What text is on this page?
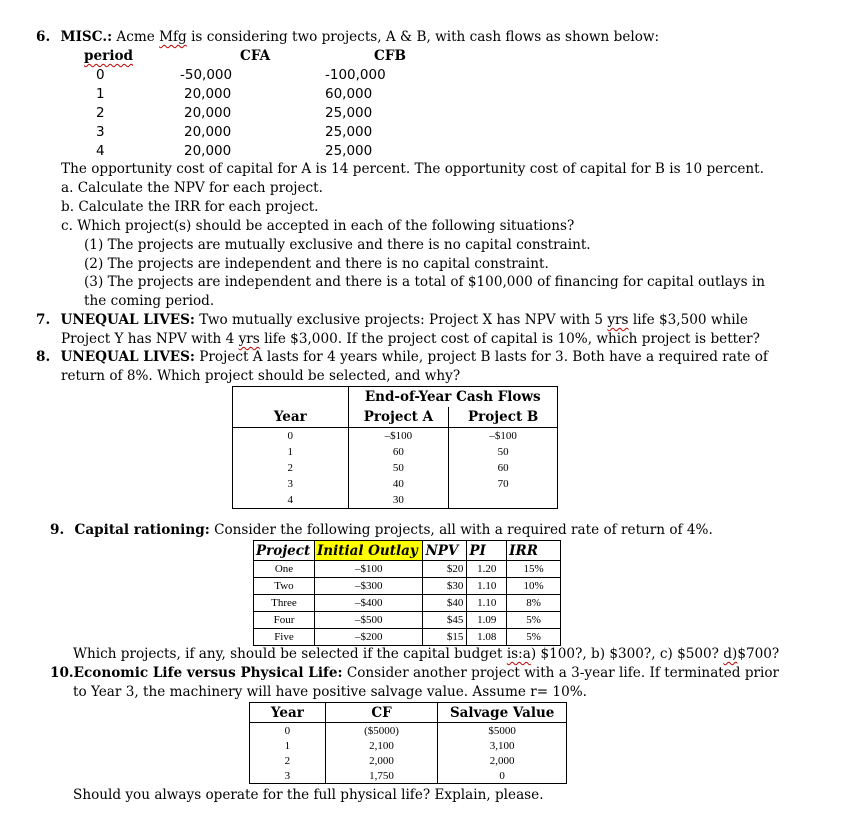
6. MISC.: Acme Mfg is considering two projects, A & B, with cash flows as shown below:
period	CFA	CFB
0	-50,000	-100,000
1	20,000	60,000
2	20,000	25,000
3	20,000	25,000
4	20,000	25,000
The opportunity cost of capital for A is 14 percent. The opportunity cost of capital for B is 10 percent.
a. Calculate the NPV for each project.
b. Calculate the IRR for each project.
c. Which project(s) should be accepted in each of the following situations?
(1) The projects are mutually exclusive and there is no capital constraint.
(2) The projects are independent and there is no capital constraint.
(3) The projects are independent and there is a total of $100,000 of financing for capital outlays in
the coming period.
7. UNEQUAL LIVES: Two mutually exclusive projects: Project X has NPV with 5 yrs life $3,500 while
Project Y has NPV with 4 yrs life $3,000. If the project cost of capital is 10%, which project is better?
8. UNEQUAL LIVES: Project A lasts for 4 years while, project B lasts for 3. Both have a required rate of
return of 8%. Which project should be selected, and why?
	End-of-Year Cash Flows	
Year	Project A	Project B
0	–$100	–$100
1	60	50
2	50	60
3	40	70
4	30	
9. Capital rationing: Consider the following projects, all with a required rate of return of 4%.
Project	Initial Outlay	NPV	PI	IRR
One	–$100	$20	1.20	15%
Two	–$300	$30	1.10	10%
Three	–$400	$40	1.10	8%
Four	–$500	$45	1.09	5%
Five	–$200	$15	1.08	5%
Which projects, if any, should be selected if the capital budget is:a) $100?, b) $300?, c) $500? d)$700?
10.Economic Life versus Physical Life: Consider another project with a 3-year life. If terminated prior
to Year 3, the machinery will have positive salvage value. Assume r= 10%.
Year	CF	Salvage Value
0	($5000)	$5000
1	2,100	3,100
2	2,000	2,000
3	1,750	0
Should you always operate for the full physical life? Explain, please.
